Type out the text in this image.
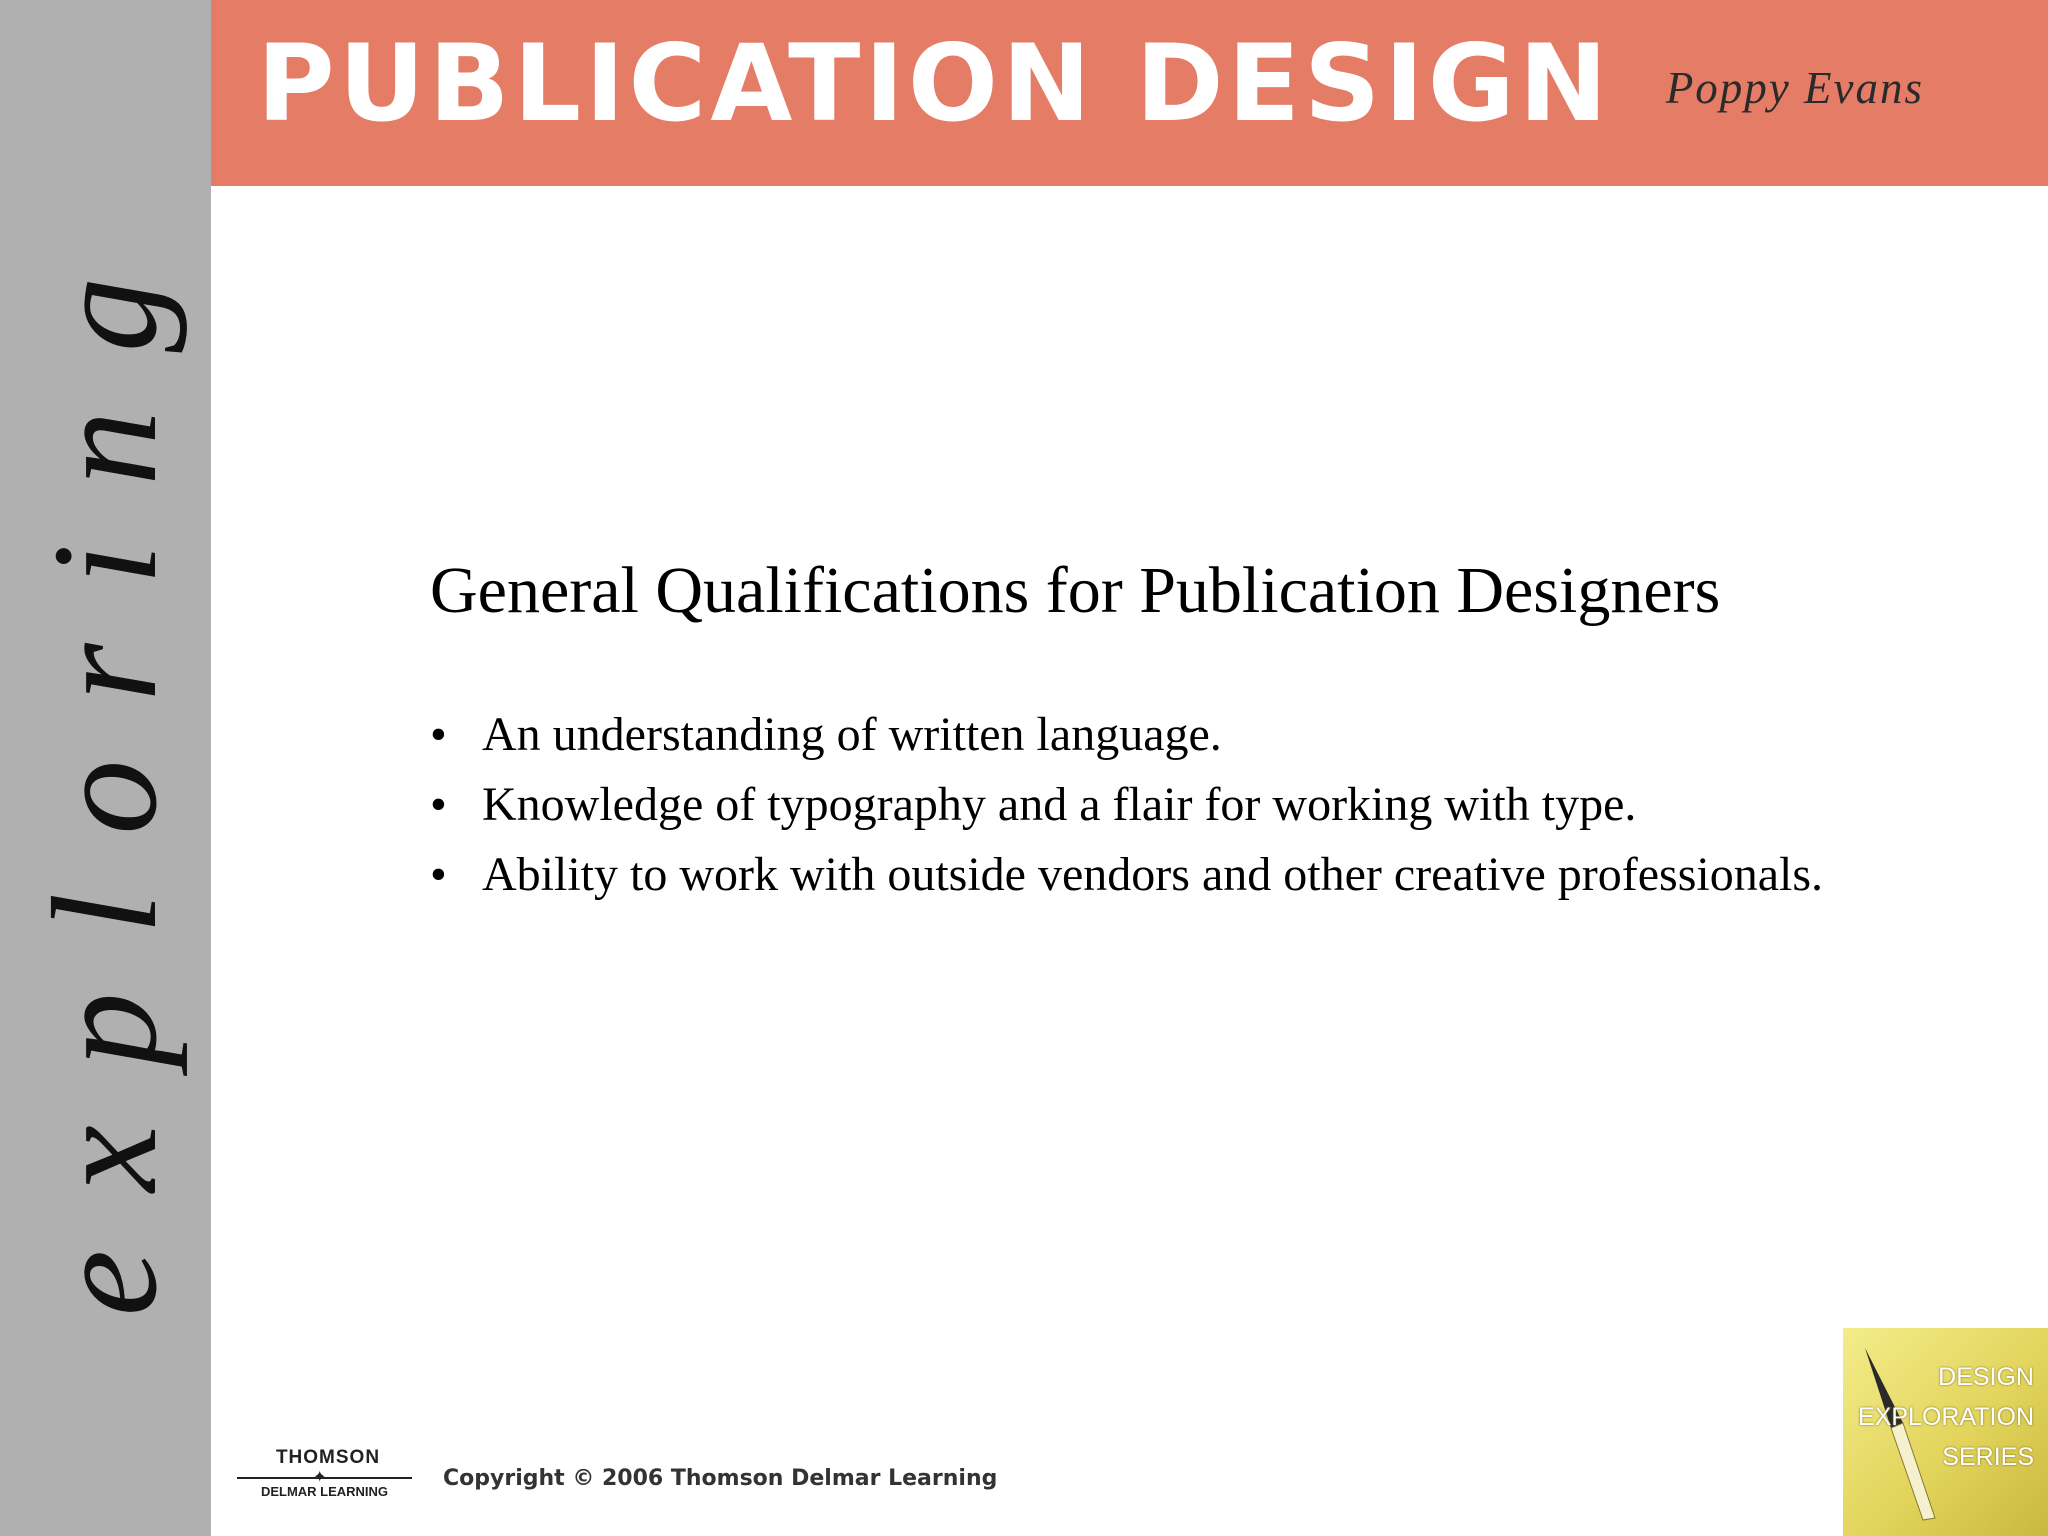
exploring
PUBLICATION DESIGN Poppy Evans
General Qualifications for Publication Designers
• An understanding of written language.
• Knowledge of typography and a flair for working with type.
• Ability to work with outside vendors and other creative professionals.
THOMSON
✦
DELMAR LEARNING
Copyright © 2006 Thomson Delmar Learning
DESIGN
EXPLORATION
SERIES
